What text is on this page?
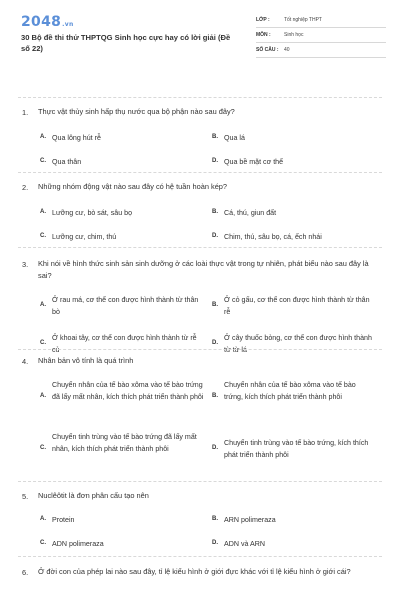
2048.vn
30 Bộ đề thi thử THPTQG Sinh học cực hay có lời giải (Đề số 22)
LỚP :	Tốt nghiệp THPT
MÔN :	Sinh học
SỐ CÂU : 40
1. Thực vật thủy sinh hấp thụ nước qua bộ phận nào sau đây?
A. Qua lông hút rễ	B. Qua lá
C. Qua thân	D. Qua bề mặt cơ thể
2. Những nhóm động vật nào sau đây có hệ tuần hoàn kép?
A. Lưỡng cư, bò sát, sâu bọ	B. Cá, thú, giun đất
C. Lưỡng cư, chim, thú	D. Chim, thú, sâu bọ, cá, ếch nhái
3. Khi nói về hình thức sinh sản sinh dưỡng ở các loài thực vật trong tự nhiên, phát biểu nào sau đây là sai?
A.
Ở rau má, cơ thể con được hình thành từ thân bò
B.
Ở cỏ gấu, cơ thể con được hình thành từ thân rễ
C.
Ở khoai tây, cơ thể con được hình thành từ rễ củ
D.
Ở cây thuốc bỏng, cơ thể con được hình thành từ từ lá
4. Nhân bản vô tính là quá trình
A.
Chuyển nhân của tế bào xôma vào tế bào trứng đã lấy mất nhân, kích thích phát triển thành phôi	B.
Chuyển nhân của tế bào xôma vào tế bào trứng, kích thích phát triển thành phôi
C.
Chuyển tinh trùng vào tế bào trứng đã lấy mất nhân, kích thích phát triển thành phôi	D.
Chuyển tinh trùng vào tế bào trứng, kích thích phát triển thành phôi
5. Nuclêôtit là đơn phân cấu tạo nên
A. Protein	B. ARN polimeraza
C. ADN polimeraza	D. ADN và ARN
6. Ở đời con của phép lai nào sau đây, tỉ lệ kiểu hình ở giới đực khác với tỉ lệ kiểu hình ở giới cái?
